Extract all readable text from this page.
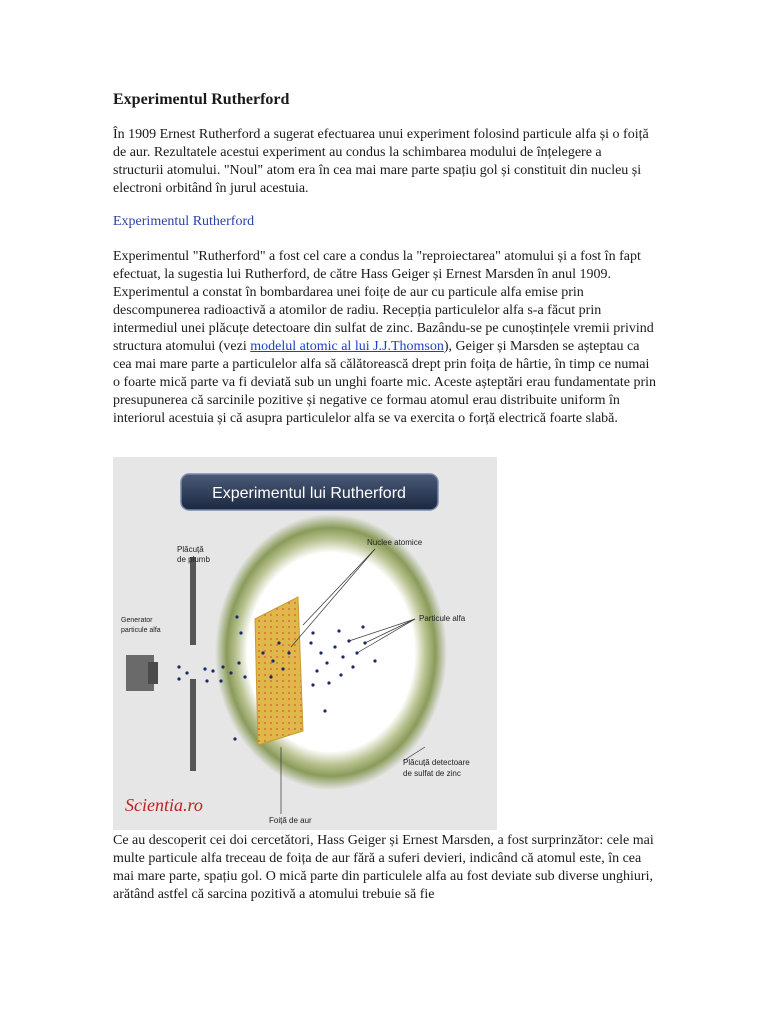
Experimentul Rutherford

În 1909 Ernest Rutherford a sugerat efectuarea unui experiment folosind particule alfa și o foiță de aur. Rezultatele acestui experiment au condus la schimbarea modului de înțelegere a structurii atomului. "Noul" atom era în cea mai mare parte spațiu gol și constituit din nucleu și electroni orbitând în jurul acestuia.

Experimentul Rutherford

Experimentul "Rutherford" a fost cel care a condus la "reproiectarea" atomului și a fost în fapt efectuat, la sugestia lui Rutherford, de către Hass Geiger și Ernest Marsden în anul 1909. Experimentul a constat în bombardarea unei foițe de aur cu particule alfa emise prin descompunerea radioactivă a atomilor de radiu. Recepția particulelor alfa s-a făcut prin intermediul unei plăcuțe detectoare din sulfat de zinc. Bazându-se pe cunoștințele vremii privind structura atomului (vezi modelul atomic al lui J.J.Thomson), Geiger și Marsden se așteptau ca cea mai mare parte a particulelor alfa să călătorească drept prin foița de hârtie, în timp ce numai o foarte mică parte va fi deviată sub un unghi foarte mic. Aceste așteptări erau fundamentate prin presupunerea că sarcinile pozitive și negative ce formau atomul erau distribuite uniform în interiorul acestuia și că asupra particulelor alfa se va exercita o forță electrică foarte slabă.

Experimentul lui Rutherford
Plăcuță
de plumb
Generator
particule alfa
Foiță de aur
Nuclee atomice
Particule alfa
Plăcuță detectoare
de sulfat de zinc
Scientia.ro

Ce au descoperit cei doi cercetători, Hass Geiger și Ernest Marsden, a fost surprinzător: cele mai multe particule alfa treceau de foița de aur fără a suferi devieri, indicând că atomul este, în cea mai mare parte, spațiu gol. O mică parte din particulele alfa au fost deviate sub diverse unghiuri, arătând astfel că sarcina pozitivă a atomului trebuie să fie
